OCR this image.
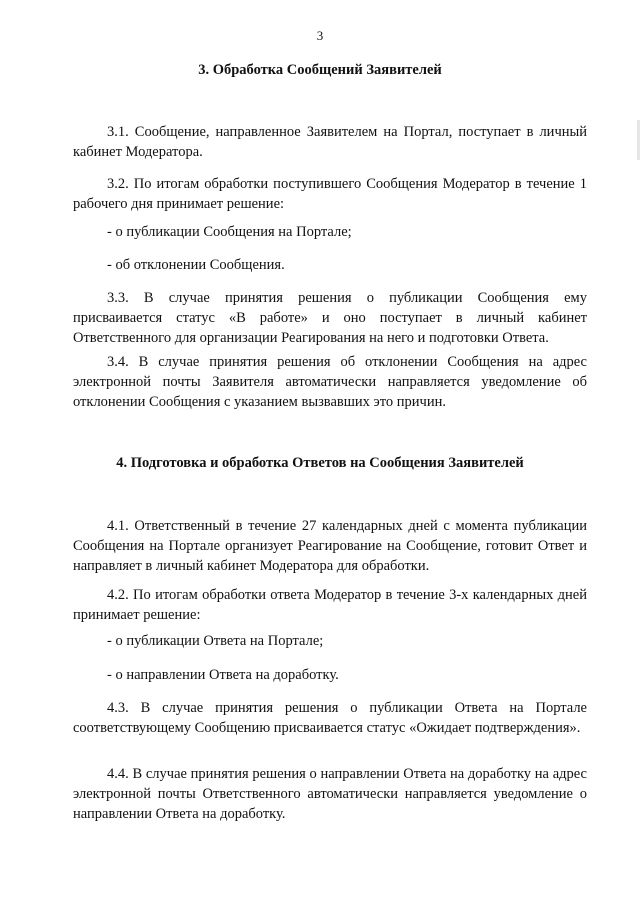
3
3. Обработка Сообщений Заявителей
3.1. Сообщение, направленное Заявителем на Портал, поступает в личный кабинет Модератора.
3.2. По итогам обработки поступившего Сообщения Модератор в течение 1 рабочего дня принимает решение:
- о публикации Сообщения на Портале;
- об отклонении Сообщения.
3.3. В случае принятия решения о публикации Сообщения ему присваивается статус «В работе» и оно поступает в личный кабинет Ответственного для организации Реагирования на него и подготовки Ответа.
3.4. В случае принятия решения об отклонении Сообщения на адрес электронной почты Заявителя автоматически направляется уведомление об отклонении Сообщения с указанием вызвавших это причин.
4. Подготовка и обработка Ответов на Сообщения Заявителей
4.1. Ответственный в течение 27 календарных дней с момента публикации Сообщения на Портале организует Реагирование на Сообщение, готовит Ответ и направляет в личный кабинет Модератора для обработки.
4.2. По итогам обработки ответа Модератор в течение 3-х календарных дней принимает решение:
- о публикации Ответа на Портале;
- о направлении Ответа на доработку.
4.3. В случае принятия решения о публикации Ответа на Портале соответствующему Сообщению присваивается статус «Ожидает подтверждения».
4.4. В случае принятия решения о направлении Ответа на доработку на адрес электронной почты Ответственного автоматически направляется уведомление о направлении Ответа на доработку.
